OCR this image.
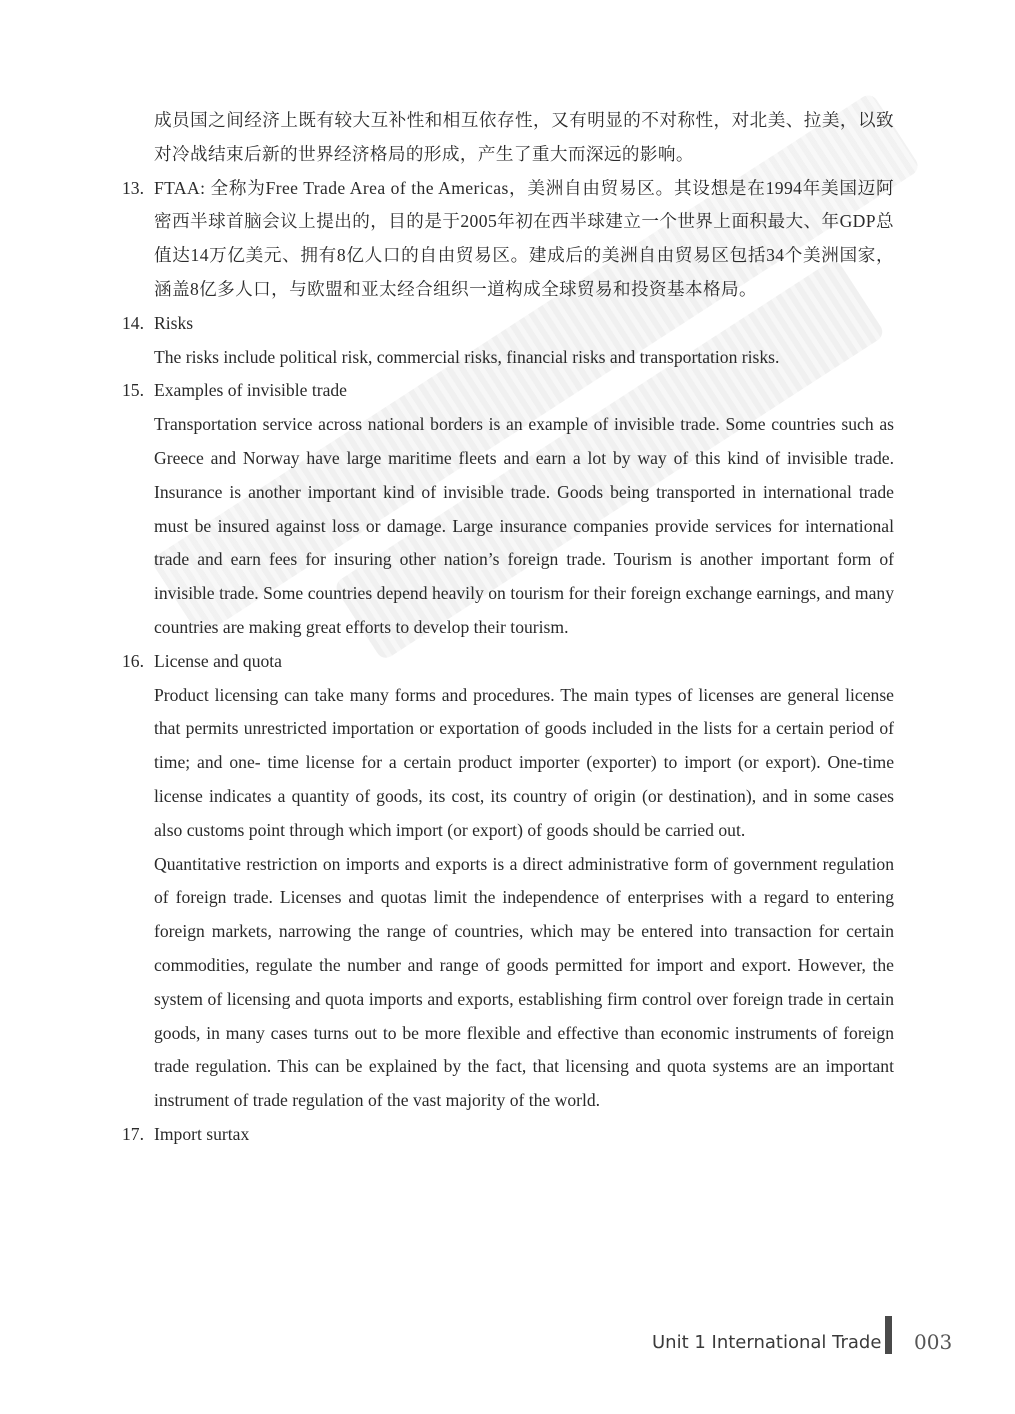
成员国之间经济上既有较大互补性和相互依存性，又有明显的不对称性，对北美、拉美，以致对冷战结束后新的世界经济格局的形成，产生了重大而深远的影响。

13. FTAA: 全称为Free Trade Area of the Americas，美洲自由贸易区。其设想是在1994年美国迈阿密西半球首脑会议上提出的，目的是于2005年初在西半球建立一个世界上面积最大、年GDP总值达14万亿美元、拥有8亿人口的自由贸易区。建成后的美洲自由贸易区包括34个美洲国家，涵盖8亿多人口，与欧盟和亚太经合组织一道构成全球贸易和投资基本格局。

14. Risks

The risks include political risk, commercial risks, financial risks and transportation risks.

15. Examples of invisible trade

Transportation service across national borders is an example of invisible trade. Some countries such as Greece and Norway have large maritime fleets and earn a lot by way of this kind of invisible trade. Insurance is another important kind of invisible trade. Goods being transported in international trade must be insured against loss or damage. Large insurance companies provide services for international trade and earn fees for insuring other nation’s foreign trade. Tourism is another important form of invisible trade. Some countries depend heavily on tourism for their foreign exchange earnings, and many countries are making great efforts to develop their tourism.

16. License and quota

Product licensing can take many forms and procedures. The main types of licenses are general license that permits unrestricted importation or exportation of goods included in the lists for a certain period of time; and one- time license for a certain product importer (exporter) to import (or export). One-time license indicates a quantity of goods, its cost, its country of origin (or destination), and in some cases also customs point through which import (or export) of goods should be carried out.

Quantitative restriction on imports and exports is a direct administrative form of government regulation of foreign trade. Licenses and quotas limit the independence of enterprises with a regard to entering foreign markets, narrowing the range of countries, which may be entered into transaction for certain commodities, regulate the number and range of goods permitted for import and export. However, the system of licensing and quota imports and exports, establishing firm control over foreign trade in certain goods, in many cases turns out to be more flexible and effective than economic instruments of foreign trade regulation. This can be explained by the fact, that licensing and quota systems are an important instrument of trade regulation of the vast majority of the world.

17. Import surtax
Unit 1 International Trade 003
